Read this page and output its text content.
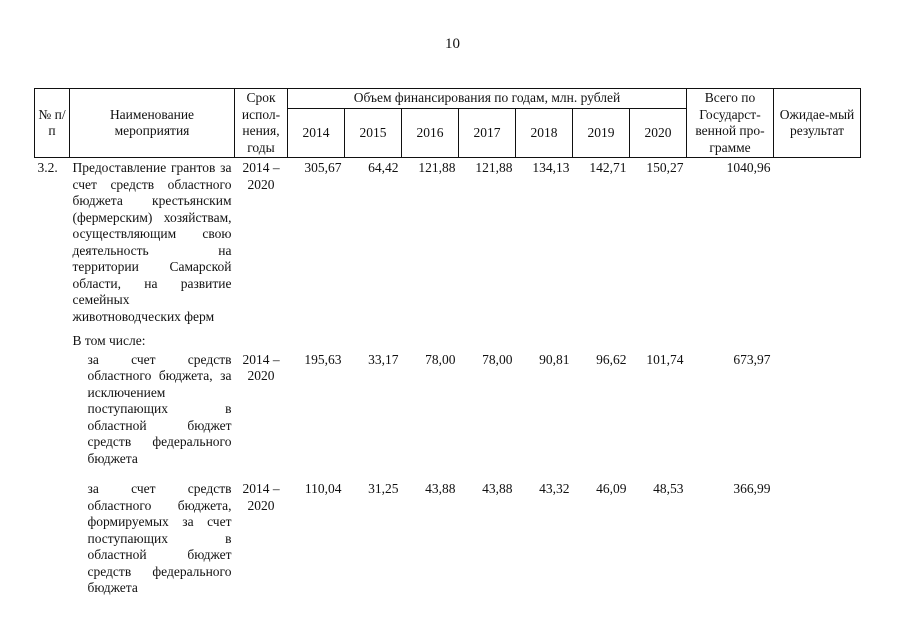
10
№ п/п	Наименование мероприятия	Срок испол-нения, годы	Объем финансирования по годам, млн. рублей							Всего по Государст-венной про-грамме	Ожидае-мый результат
			2014	2015	2016	2017	2018	2019	2020		
3.2.	Предоставление грантов за счет средств областного бюджета крестьянским (фермерским) хозяйствам, осуществляющим свою деятельность на территории Самарской области, на развитие семейных животноводческих ферм	2014 – 2020	305,67	64,42	121,88	121,88	134,13	142,71	150,27	1040,96	
	В том числе:										
	за счет средств областного бюджета, за исключением поступающих в областной бюджет средств федерального бюджета	2014 – 2020	195,63	33,17	78,00	78,00	90,81	96,62	101,74	673,97	
	за счет средств областного бюджета, формируемых за счет поступающих в областной бюджет средств федерального бюджета	2014 – 2020	110,04	31,25	43,88	43,88	43,32	46,09	48,53	366,99	
